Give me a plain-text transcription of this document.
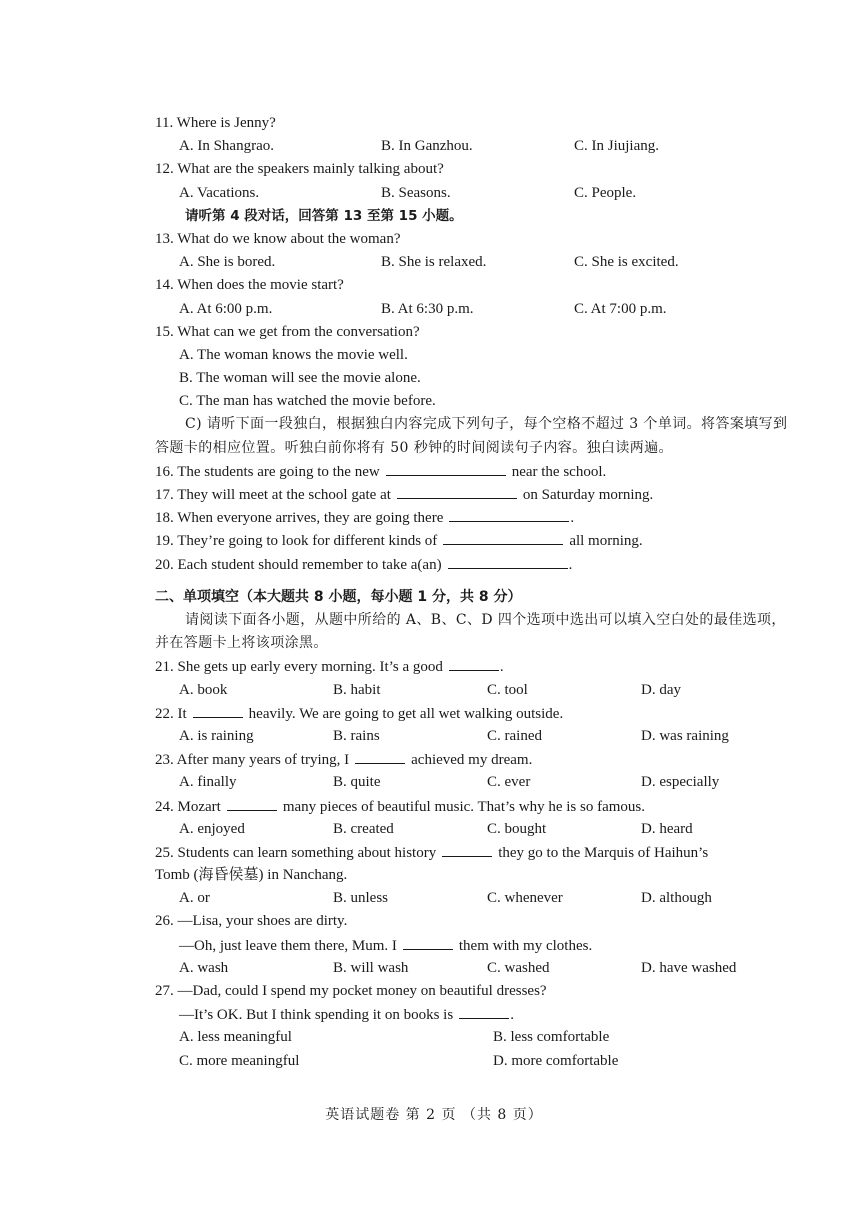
11. Where is Jenny?
A. In Shangrao.	B. In Ganzhou.	C. In Jiujiang.
12. What are the speakers mainly talking about?
A. Vacations.	B. Seasons.	C. People.
请听第 4 段对话，回答第 13 至第 15 小题。
13. What do we know about the woman?
A. She is bored.	B. She is relaxed.	C. She is excited.
14. When does the movie start?
A. At 6:00 p.m.	B. At 6:30 p.m.	C. At 7:00 p.m.
15. What can we get from the conversation?
A. The woman knows the movie well.
B. The woman will see the movie alone.
C. The man has watched the movie before.
C) 请听下面一段独白，根据独白内容完成下列句子，每个空格不超过 3 个单词。将答案填写到答题卡的相应位置。听独白前你将有 50 秒钟的时间阅读句子内容。独白读两遍。
16. The students are going to the new	near the school.
17. They will meet at the school gate at	on Saturday morning.
18. When everyone arrives, they are going there	.
19. They’re going to look for different kinds of	all morning.
20. Each student should remember to take a(an)	.
二、单项填空（本大题共 8 小题，每小题 1 分，共 8 分）
请阅读下面各小题，从题中所给的 A、B、C、D 四个选项中选出可以填入空白处的最佳选项，并在答题卡上将该项涂黑。
21. She gets up early every morning. It’s a good	.
A. book	B. habit	C. tool	D. day
22. It	heavily. We are going to get all wet walking outside.
A. is raining	B. rains	C. rained	D. was raining
23. After many years of trying, I	achieved my dream.
A. finally	B. quite	C. ever	D. especially
24. Mozart	many pieces of beautiful music. That’s why he is so famous.
A. enjoyed	B. created	C. bought	D. heard
25. Students can learn something about history	they go to the Marquis of Haihun’s
Tomb (海昏侯墓) in Nanchang.
A. or	B. unless	C. whenever	D. although
26. —Lisa, your shoes are dirty.
—Oh, just leave them there, Mum. I	them with my clothes.
A. wash	B. will wash	C. washed	D. have washed
27. —Dad, could I spend my pocket money on beautiful dresses?
—It’s OK. But I think spending it on books is	.
A. less meaningful	B. less comfortable
C. more meaningful	D. more comfortable
英语试题卷 第 2 页 （共 8 页）
